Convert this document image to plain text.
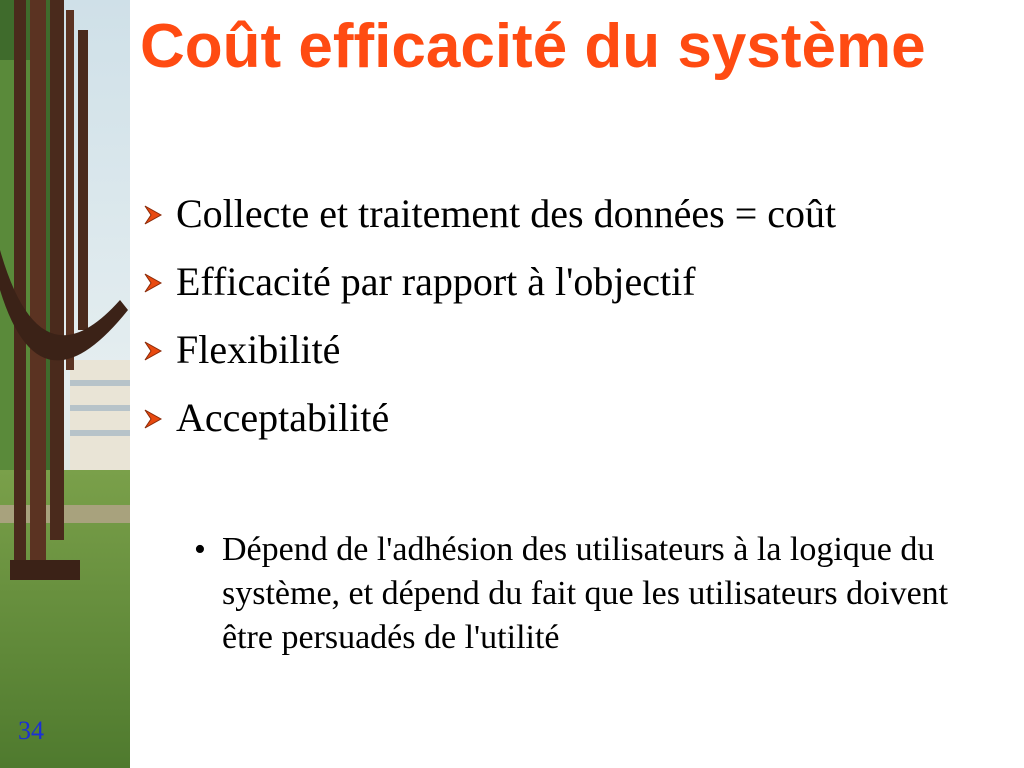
Coût efficacité du système
Collecte et traitement des données = coût
Efficacité par rapport à l'objectif
Flexibilité
Acceptabilité
• Dépend de l'adhésion des utilisateurs à la logique du système, et dépend du fait que les utilisateurs doivent être persuadés de l'utilité
34
